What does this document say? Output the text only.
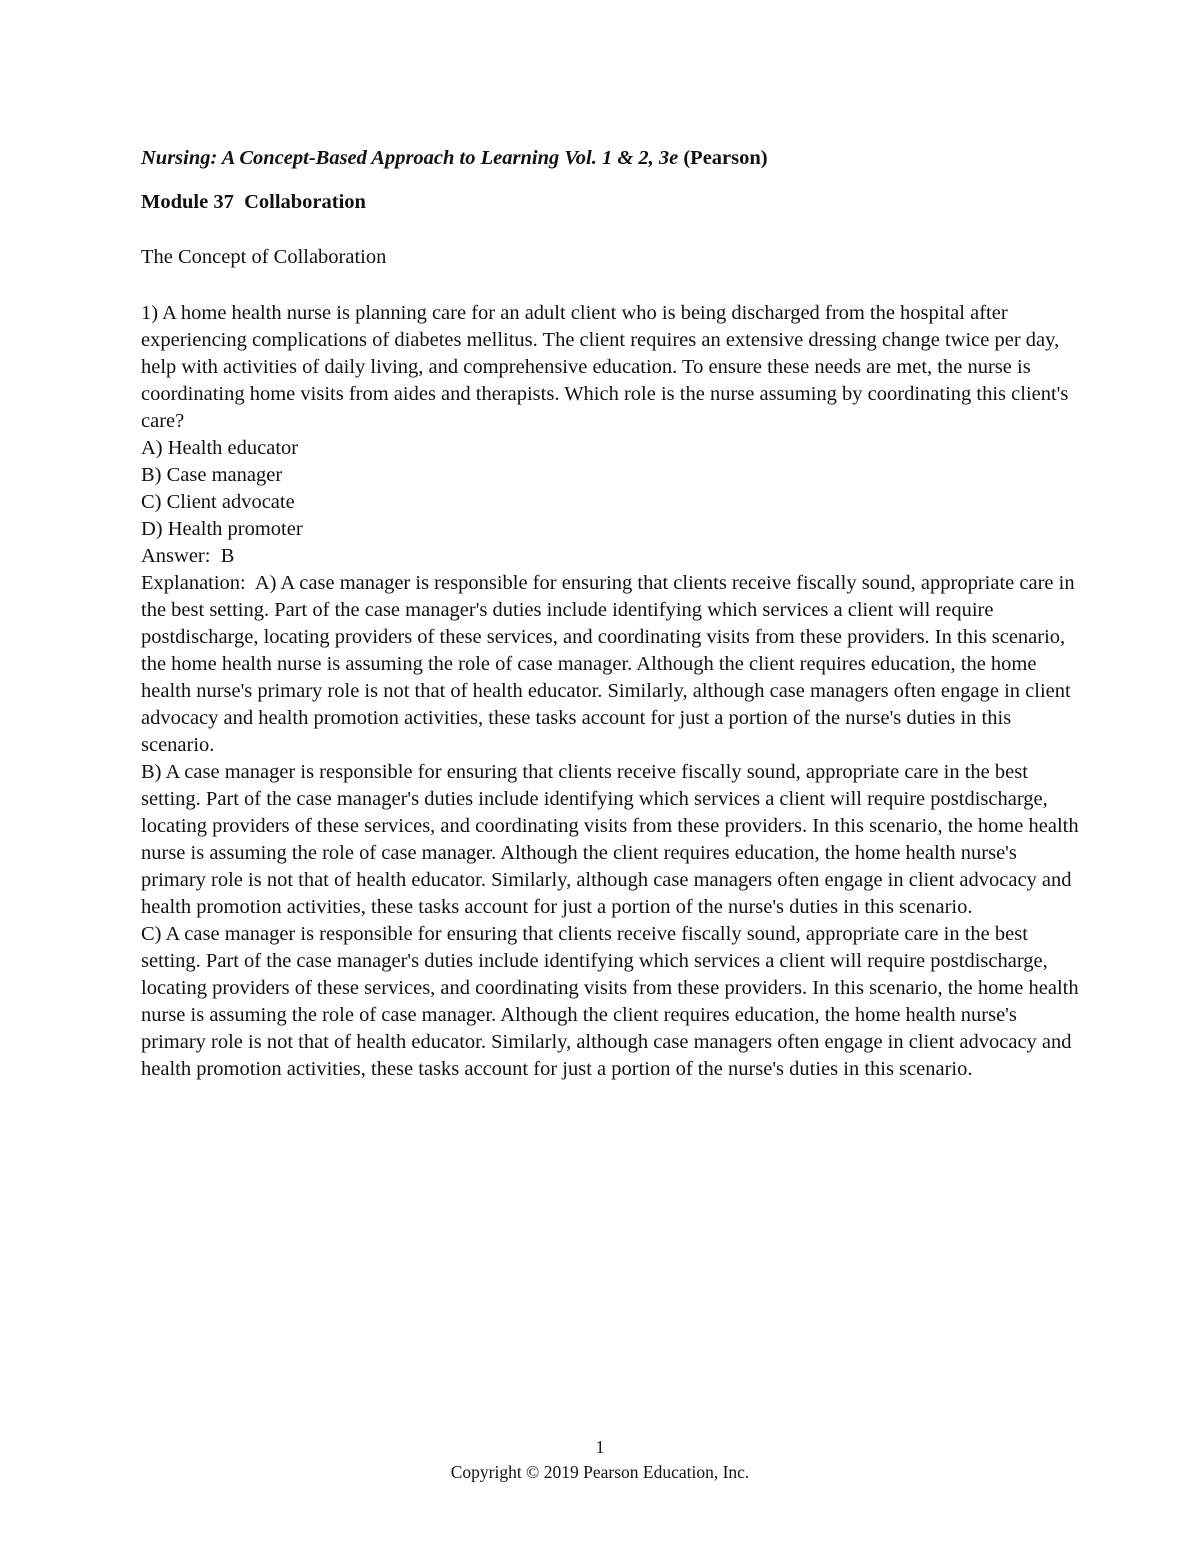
Nursing: A Concept-Based Approach to Learning Vol. 1 & 2, 3e (Pearson)

Module 37  Collaboration

The Concept of Collaboration

1) A home health nurse is planning care for an adult client who is being discharged from the hospital after experiencing complications of diabetes mellitus. The client requires an extensive dressing change twice per day, help with activities of daily living, and comprehensive education. To ensure these needs are met, the nurse is coordinating home visits from aides and therapists. Which role is the nurse assuming by coordinating this client's care?

A) Health educator

B) Case manager

C) Client advocate

D) Health promoter

Answer:  B

Explanation:  A) A case manager is responsible for ensuring that clients receive fiscally sound, appropriate care in the best setting. Part of the case manager's duties include identifying which services a client will require postdischarge, locating providers of these services, and coordinating visits from these providers. In this scenario, the home health nurse is assuming the role of case manager. Although the client requires education, the home health nurse's primary role is not that of health educator. Similarly, although case managers often engage in client advocacy and health promotion activities, these tasks account for just a portion of the nurse's duties in this scenario.

B) A case manager is responsible for ensuring that clients receive fiscally sound, appropriate care in the best setting. Part of the case manager's duties include identifying which services a client will require postdischarge, locating providers of these services, and coordinating visits from these providers. In this scenario, the home health nurse is assuming the role of case manager. Although the client requires education, the home health nurse's primary role is not that of health educator. Similarly, although case managers often engage in client advocacy and health promotion activities, these tasks account for just a portion of the nurse's duties in this scenario.

C) A case manager is responsible for ensuring that clients receive fiscally sound, appropriate care in the best setting. Part of the case manager's duties include identifying which services a client will require postdischarge, locating providers of these services, and coordinating visits from these providers. In this scenario, the home health nurse is assuming the role of case manager. Although the client requires education, the home health nurse's primary role is not that of health educator. Similarly, although case managers often engage in client advocacy and health promotion activities, these tasks account for just a portion of the nurse's duties in this scenario.

1
Copyright © 2019 Pearson Education, Inc.
